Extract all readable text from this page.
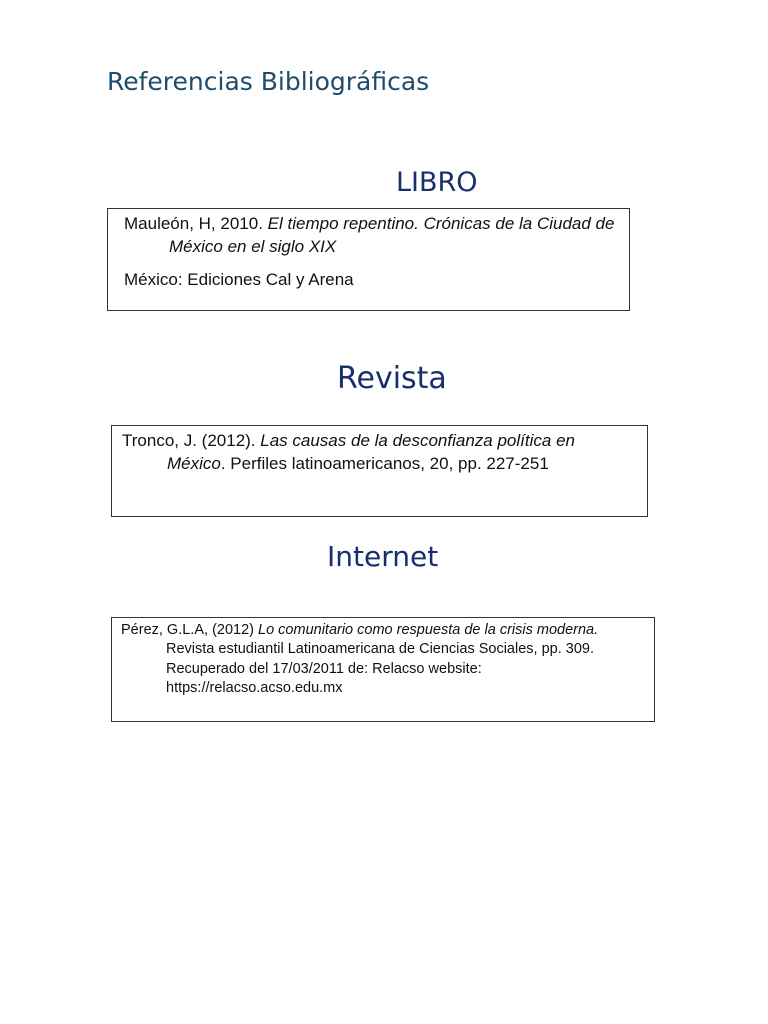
Referencias Bibliográficas
LIBRO
Mauleón, H, 2010. El tiempo repentino. Crónicas de la Ciudad de México en el siglo XIX
México: Ediciones Cal y Arena
Revista
Tronco, J. (2012). Las causas de la desconfianza política en México. Perfiles latinoamericanos, 20, pp. 227-251
Internet
Pérez, G.L.A, (2012) Lo comunitario como respuesta de la crisis moderna. Revista estudiantil Latinoamericana de Ciencias Sociales, pp. 309. Recuperado del 17/03/2011 de: Relacso website: https://relacso.acso.edu.mx
